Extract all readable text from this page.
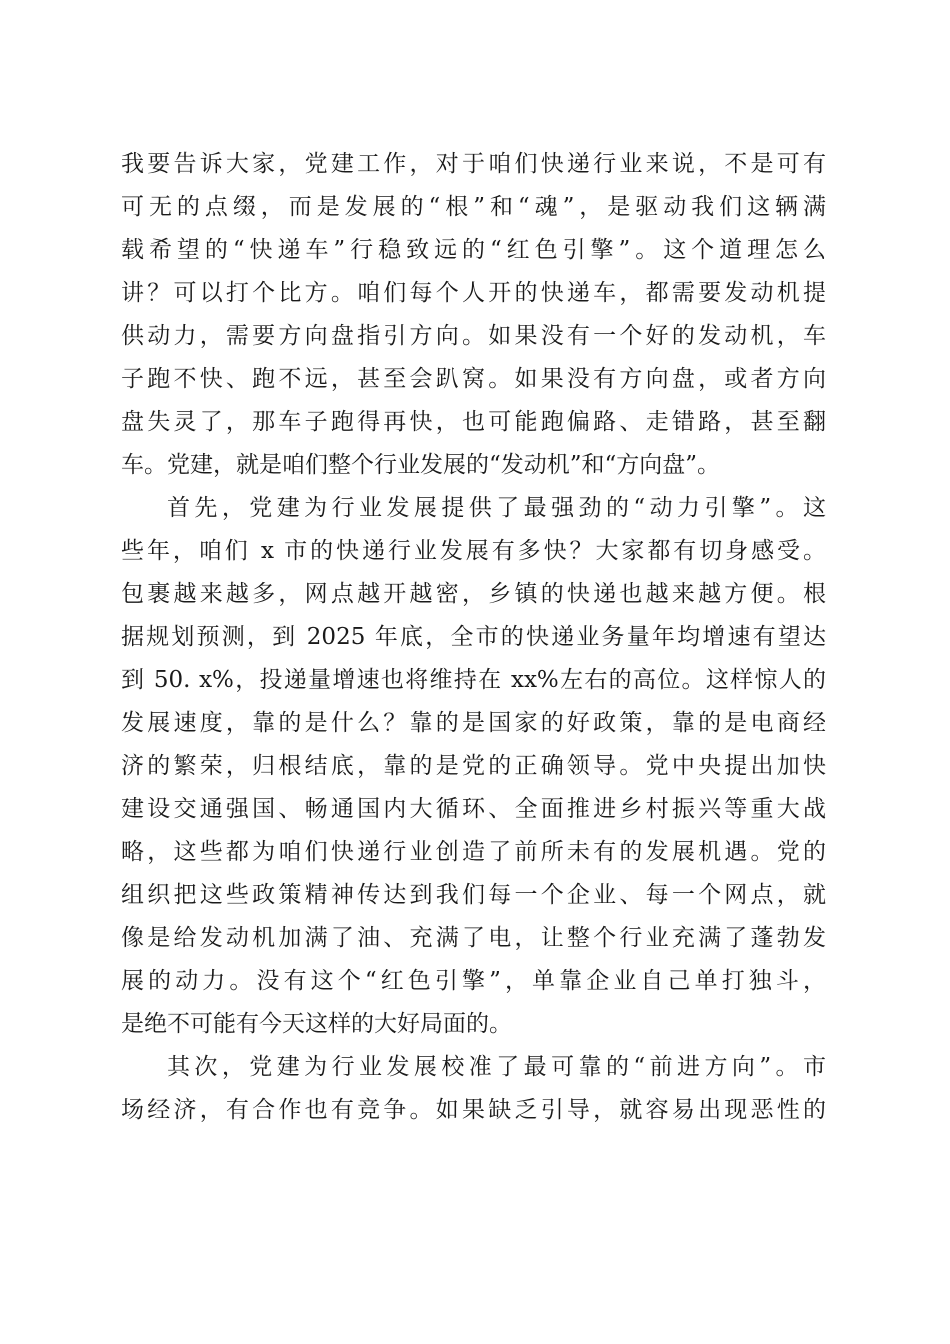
我要告诉大家，党建工作，对于咱们快递行业来说，不是可有
可无的点缀，而是发展的“根”和“魂”，是驱动我们这辆满
载希望的“快递车”行稳致远的“红色引擎”。这个道理怎么
讲？可以打个比方。咱们每个人开的快递车，都需要发动机提
供动力，需要方向盘指引方向。如果没有一个好的发动机，车
子跑不快、跑不远，甚至会趴窝。如果没有方向盘，或者方向
盘失灵了，那车子跑得再快，也可能跑偏路、走错路，甚至翻
车。党建，就是咱们整个行业发展的“发动机”和“方向盘”。
首先，党建为行业发展提供了最强劲的“动力引擎”。这
些年，咱们 x 市的快递行业发展有多快？大家都有切身感受。
包裹越来越多，网点越开越密，乡镇的快递也越来越方便。根
据规划预测，到 2025 年底，全市的快递业务量年均增速有望达
到 50. x%，投递量增速也将维持在 xx%左右的高位。这样惊人的
发展速度，靠的是什么？靠的是国家的好政策，靠的是电商经
济的繁荣，归根结底，靠的是党的正确领导。党中央提出加快
建设交通强国、畅通国内大循环、全面推进乡村振兴等重大战
略，这些都为咱们快递行业创造了前所未有的发展机遇。党的
组织把这些政策精神传达到我们每一个企业、每一个网点，就
像是给发动机加满了油、充满了电，让整个行业充满了蓬勃发
展的动力。没有这个“红色引擎”，单靠企业自己单打独斗，
是绝不可能有今天这样的大好局面的。
其次，党建为行业发展校准了最可靠的“前进方向”。市
场经济，有合作也有竞争。如果缺乏引导，就容易出现恶性的
